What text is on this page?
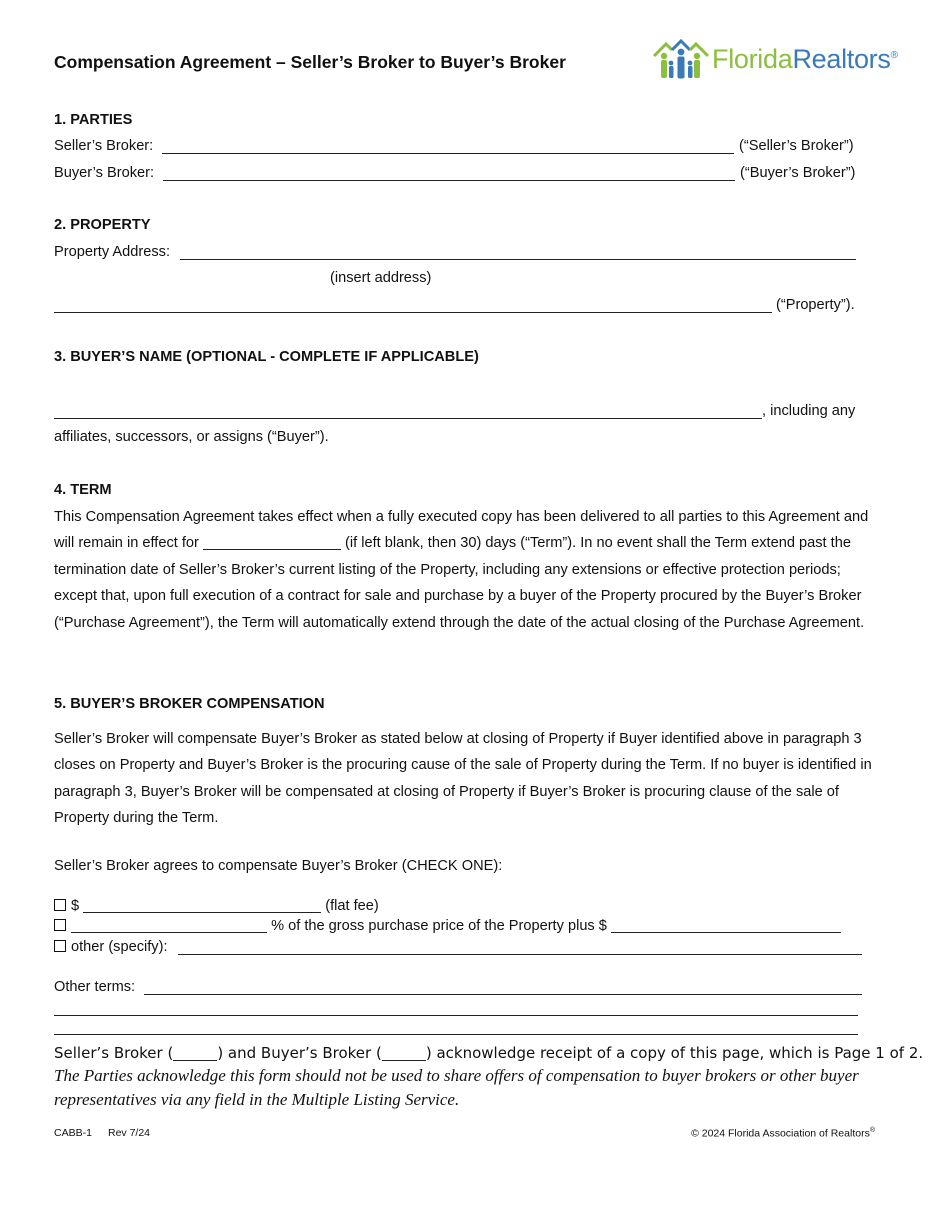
Compensation Agreement – Seller’s Broker to Buyer’s Broker	FloridaRealtors®
1. PARTIES
Seller’s Broker:	(“Seller’s Broker”)
Buyer’s Broker:	(“Buyer’s Broker”)
2. PROPERTY
Property Address:
(insert address)
(“Property”).
3. BUYER’S NAME (OPTIONAL - COMPLETE IF APPLICABLE)
, including any
affiliates, successors, or assigns (“Buyer”).
4. TERM
This Compensation Agreement takes effect when a fully executed copy has been delivered to all parties to this Agreement and will remain in effect for	(if left blank, then 30) days (“Term”). In no event shall the Term extend past the termination date of Seller’s Broker’s current listing of the Property, including any extensions or effective protection periods; except that, upon full execution of a contract for sale and purchase by a buyer of the Property procured by the Buyer’s Broker (“Purchase Agreement”), the Term will automatically extend through the date of the actual closing of the Purchase Agreement.
5. BUYER’S BROKER COMPENSATION
Seller’s Broker will compensate Buyer’s Broker as stated below at closing of Property if Buyer identified above in paragraph 3 closes on Property and Buyer’s Broker is the procuring cause of the sale of Property during the Term. If no buyer is identified in paragraph 3, Buyer’s Broker will be compensated at closing of Property if Buyer’s Broker is procuring clause of the sale of Property during the Term.
Seller’s Broker agrees to compensate Buyer’s Broker (CHECK ONE):
$	(flat fee)
% of the gross purchase price of the Property plus $
other (specify):
Other terms:
Seller’s Broker (	) and Buyer’s Broker (	) acknowledge receipt of a copy of this page, which is Page 1 of 2.
The Parties acknowledge this form should not be used to share offers of compensation to buyer brokers or other buyer representatives via any field in the Multiple Listing Service.
CABB-1 Rev 7/24	© 2024 Florida Association of Realtors®
